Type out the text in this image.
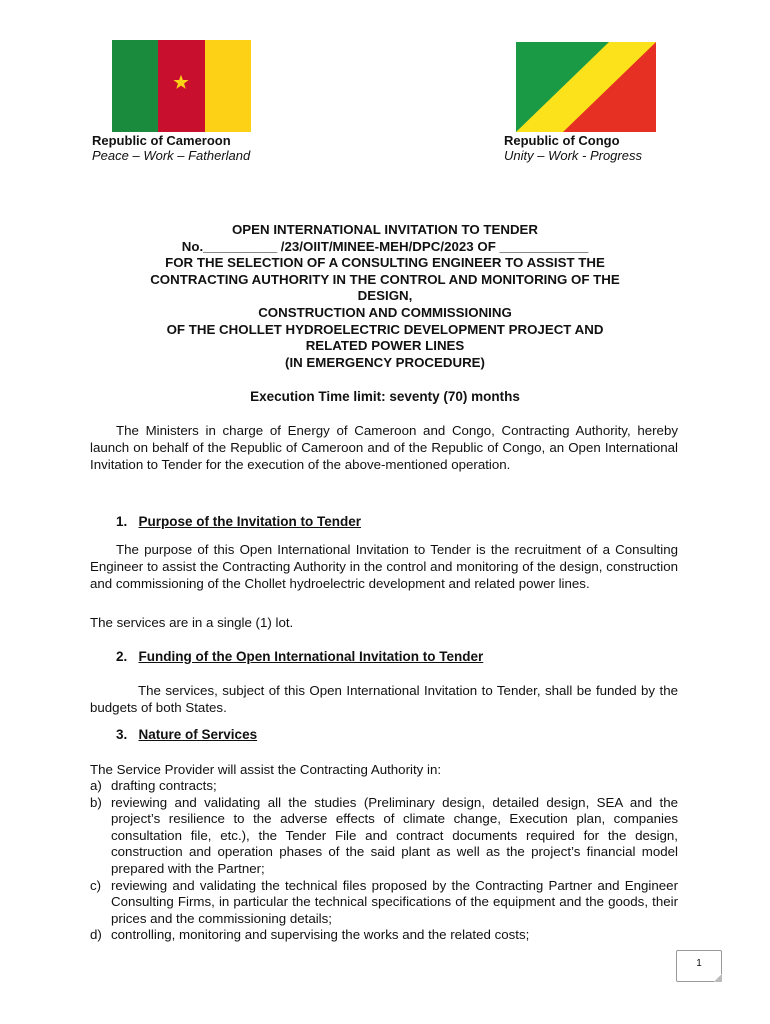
Republic of Cameroon
Peace – Work – Fatherland
Republic of Congo
Unity – Work - Progress
OPEN INTERNATIONAL INVITATION TO TENDER
No.__________ /23/OIIT/MINEE-MEH/DPC/2023 OF ____________
FOR THE SELECTION OF A CONSULTING ENGINEER TO ASSIST THE
CONTRACTING AUTHORITY IN THE CONTROL AND MONITORING OF THE
DESIGN,
CONSTRUCTION AND COMMISSIONING
OF THE CHOLLET HYDROELECTRIC DEVELOPMENT PROJECT AND
RELATED POWER LINES
(IN EMERGENCY PROCEDURE)
Execution Time limit: seventy (70) months
The Ministers in charge of Energy of Cameroon and Congo, Contracting Authority, hereby launch on behalf of the Republic of Cameroon and of the Republic of Congo, an Open International Invitation to Tender for the execution of the above-mentioned operation.
1. Purpose of the Invitation to Tender
The purpose of this Open International Invitation to Tender is the recruitment of a Consulting Engineer to assist the Contracting Authority in the control and monitoring of the design, construction and commissioning of the Chollet hydroelectric development and related power lines.
The services are in a single (1) lot.
2. Funding of the Open International Invitation to Tender
The services, subject of this Open International Invitation to Tender, shall be funded by the budgets of both States.
3. Nature of Services
The Service Provider will assist the Contracting Authority in:
a) drafting contracts;
b) reviewing and validating all the studies (Preliminary design, detailed design, SEA and the project’s resilience to the adverse effects of climate change, Execution plan, companies consultation file, etc.), the Tender File and contract documents required for the design, construction and operation phases of the said plant as well as the project’s financial model prepared with the Partner;
c) reviewing and validating the technical files proposed by the Contracting Partner and Engineer Consulting Firms, in particular the technical specifications of the equipment and the goods, their prices and the commissioning details;
d) controlling, monitoring and supervising the works and the related costs;
1
